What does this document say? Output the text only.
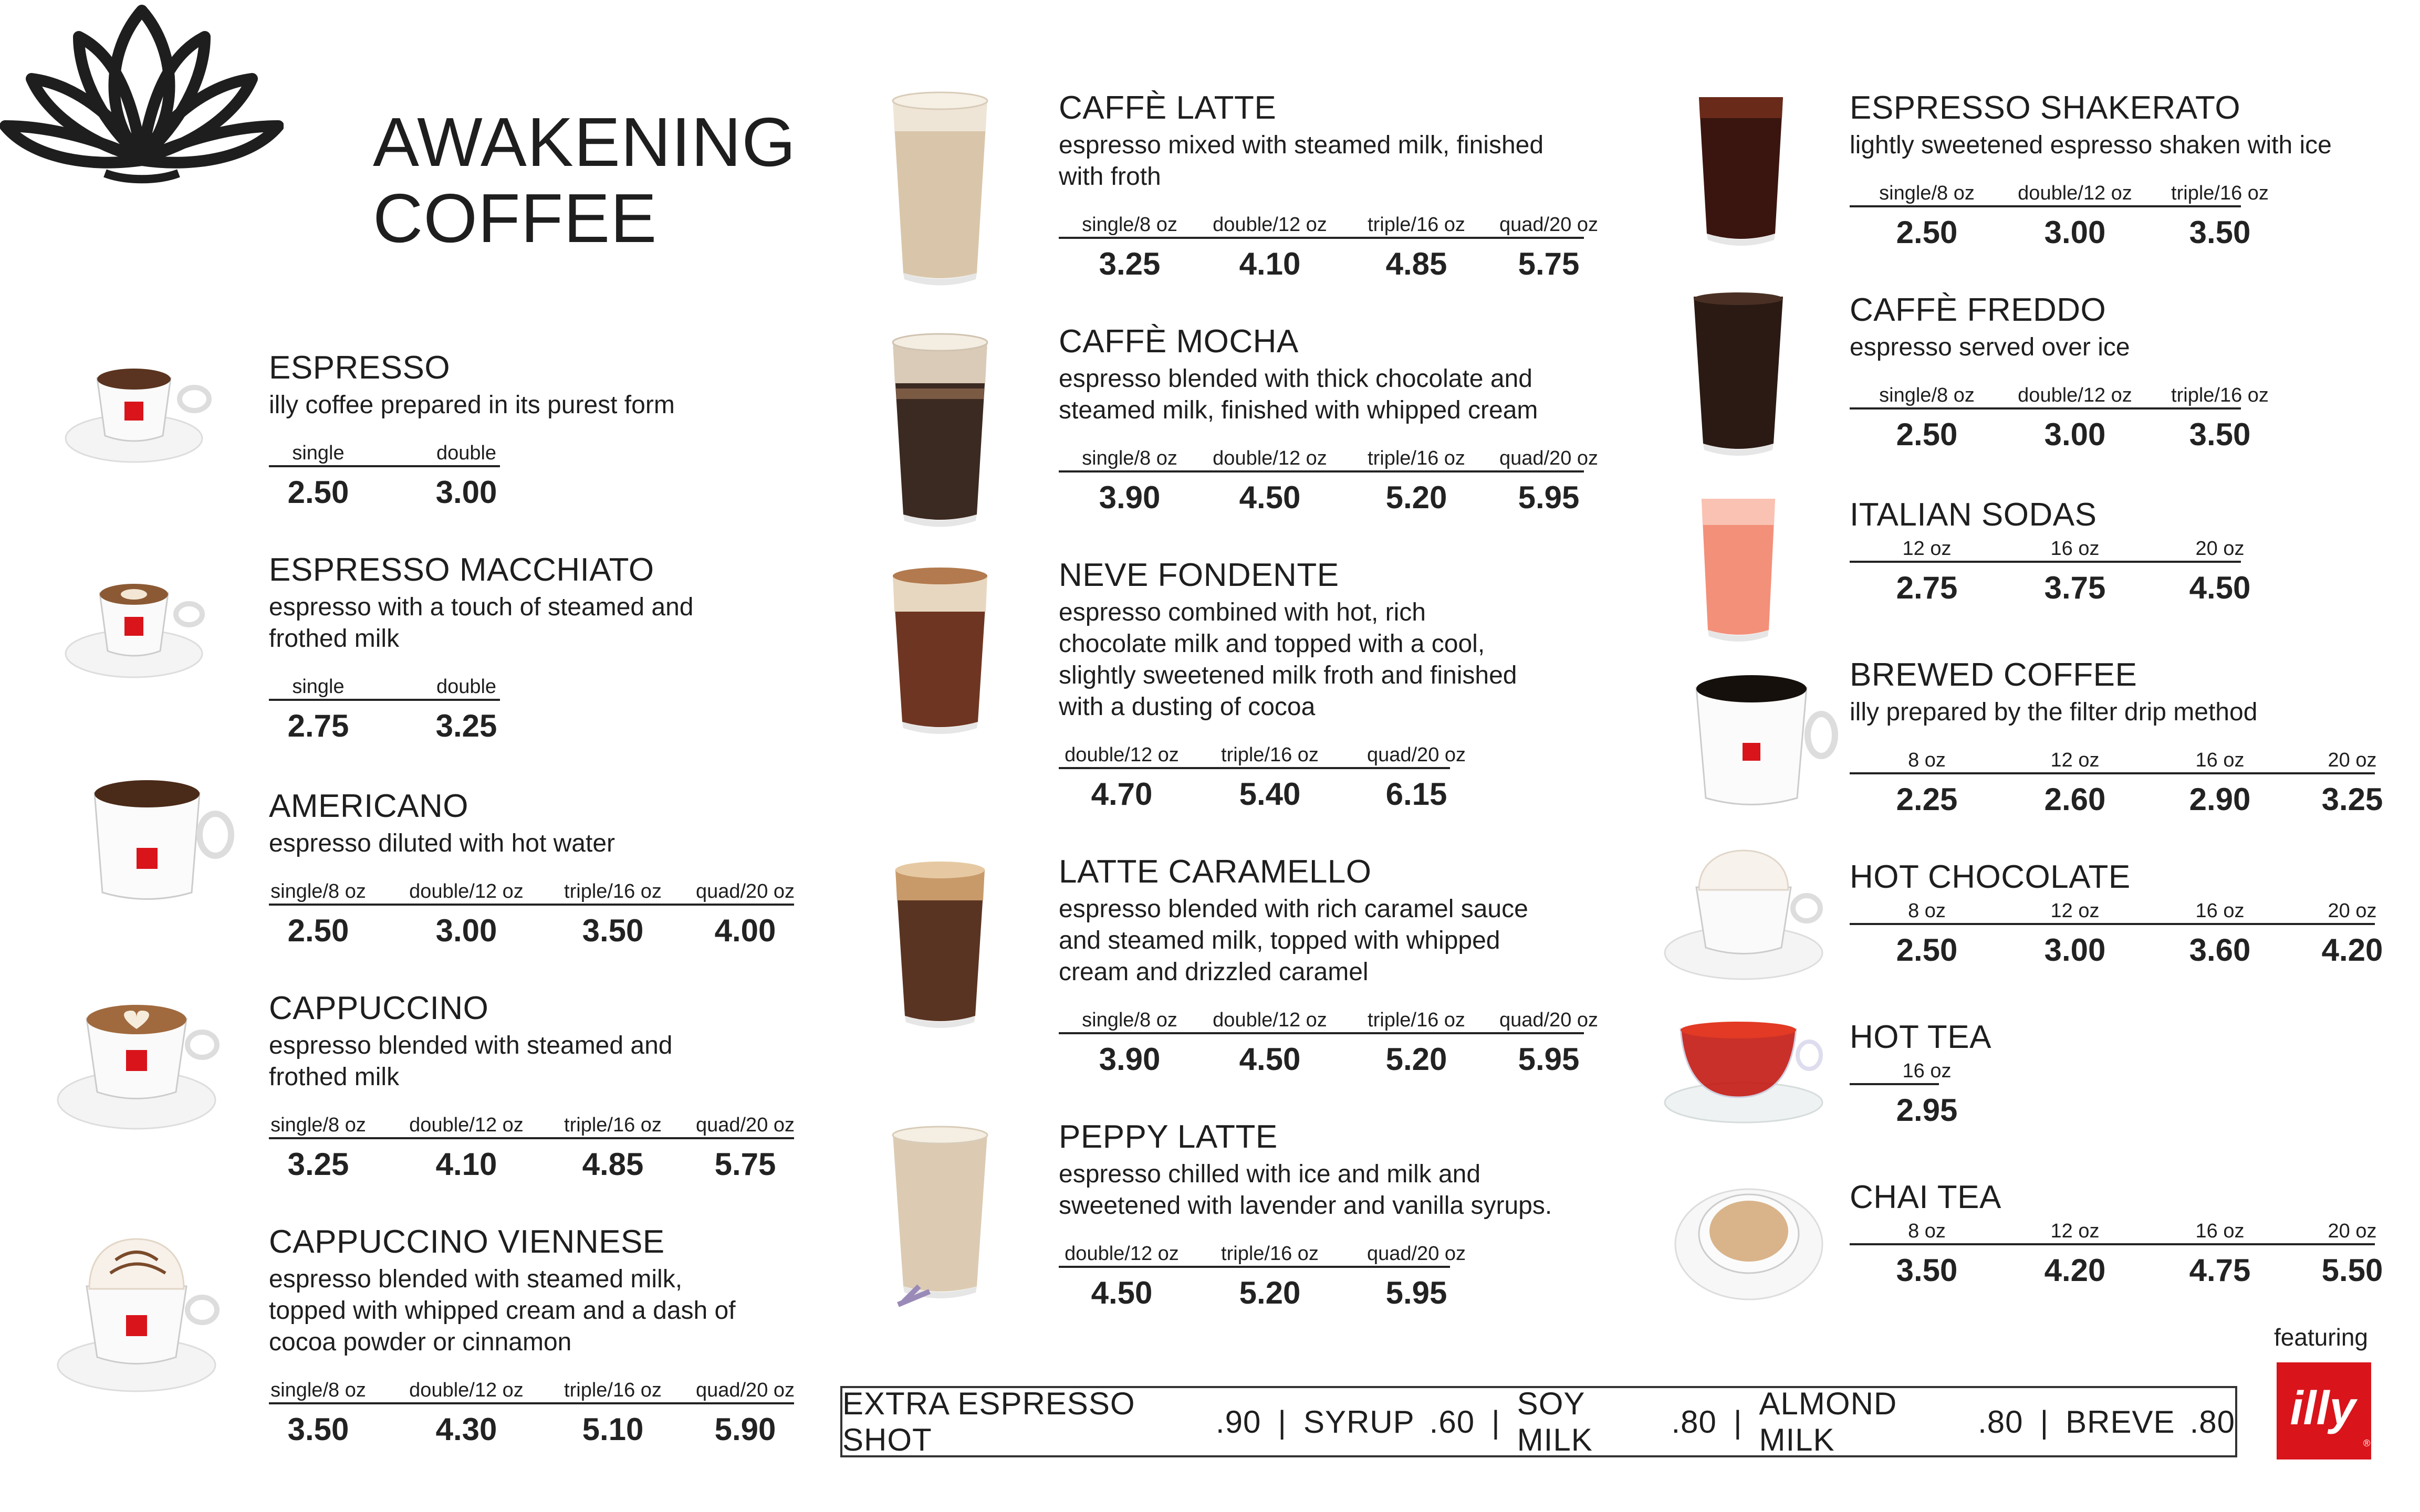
AWAKENING
COFFEE
ESPRESSO
illy coffee prepared in its purest form
single
2.50
double
3.00
ESPRESSO MACCHIATO
espresso with a touch of steamed and
frothed milk
single
2.75
double
3.25
AMERICANO
espresso diluted with hot water
single/8 oz
2.50
double/12 oz
3.00
triple/16 oz
3.50
quad/20 oz
4.00
CAPPUCCINO
espresso blended with steamed and
frothed milk
single/8 oz
3.25
double/12 oz
4.10
triple/16 oz
4.85
quad/20 oz
5.75
CAPPUCCINO VIENNESE
espresso blended with steamed milk,
topped with whipped cream and a dash of
cocoa powder or cinnamon
single/8 oz
3.50
double/12 oz
4.30
triple/16 oz
5.10
quad/20 oz
5.90
CAFFÈ LATTE
espresso mixed with steamed milk, finished
with froth
single/8 oz
3.25
double/12 oz
4.10
triple/16 oz
4.85
quad/20 oz
5.75
CAFFÈ MOCHA
espresso blended with thick chocolate and
steamed milk, finished with whipped cream
single/8 oz
3.90
double/12 oz
4.50
triple/16 oz
5.20
quad/20 oz
5.95
NEVE FONDENTE
espresso combined with hot, rich
chocolate milk and topped with a cool,
slightly sweetened milk froth and finished
with a dusting of cocoa
double/12 oz
4.70
triple/16 oz
5.40
quad/20 oz
6.15
LATTE CARAMELLO
espresso blended with rich caramel sauce
and steamed milk, topped with whipped
cream and drizzled caramel
single/8 oz
3.90
double/12 oz
4.50
triple/16 oz
5.20
quad/20 oz
5.95
PEPPY LATTE
espresso chilled with ice and milk and
sweetened with lavender and vanilla syrups.
double/12 oz
4.50
triple/16 oz
5.20
quad/20 oz
5.95
ESPRESSO SHAKERATO
lightly sweetened espresso shaken with ice
single/8 oz
2.50
double/12 oz
3.00
triple/16 oz
3.50
CAFFÈ FREDDO
espresso served over ice
single/8 oz
2.50
double/12 oz
3.00
triple/16 oz
3.50
ITALIAN SODAS
12 oz
2.75
16 oz
3.75
20 oz
4.50
BREWED COFFEE
illy prepared by the filter drip method
8 oz
2.25
12 oz
2.60
16 oz
2.90
20 oz
3.25
HOT CHOCOLATE
8 oz
2.50
12 oz
3.00
16 oz
3.60
20 oz
4.20
HOT TEA
16 oz
2.95
CHAI TEA
8 oz
3.50
12 oz
4.20
16 oz
4.75
20 oz
5.50
EXTRA ESPRESSO SHOT
.90 | SYRUP .60 |
SOY MILK
.80 |
ALMOND MILK
.80 | BREVE .80
featuring
illy
®
